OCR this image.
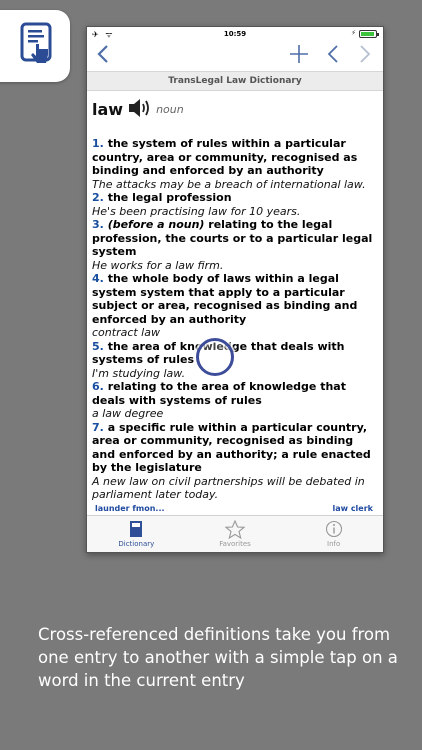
✈ ᯤ	10:59	⚡
TransLegal Law Dictionary
law	noun
1. the system of rules within a particular country, area or community, recognised as binding and enforced by an authority
The attacks may be a breach of international law.
2. the legal profession
He's been practising law for 10 years.
3. (before a noun) relating to the legal profession, the courts or to a particular legal system
He works for a law firm.
4. the whole body of laws within a legal system system that apply to a particular subject or area, recognised as binding and enforced by an authority
contract law
5. the area of knowledge that deals with systems of rules
I'm studying law.
6. relating to the area of knowledge that deals with systems of rules
a law degree
7. a specific rule within a particular country, area or community, recognised as binding and enforced by an authority; a rule enacted by the legislature
A new law on civil partnerships will be debated in parliament later today.
launder fmon...	law clerk
Dictionary	Favorites	Info
Cross-referenced definitions take you from one entry to another with a simple tap on a word in the current entry
